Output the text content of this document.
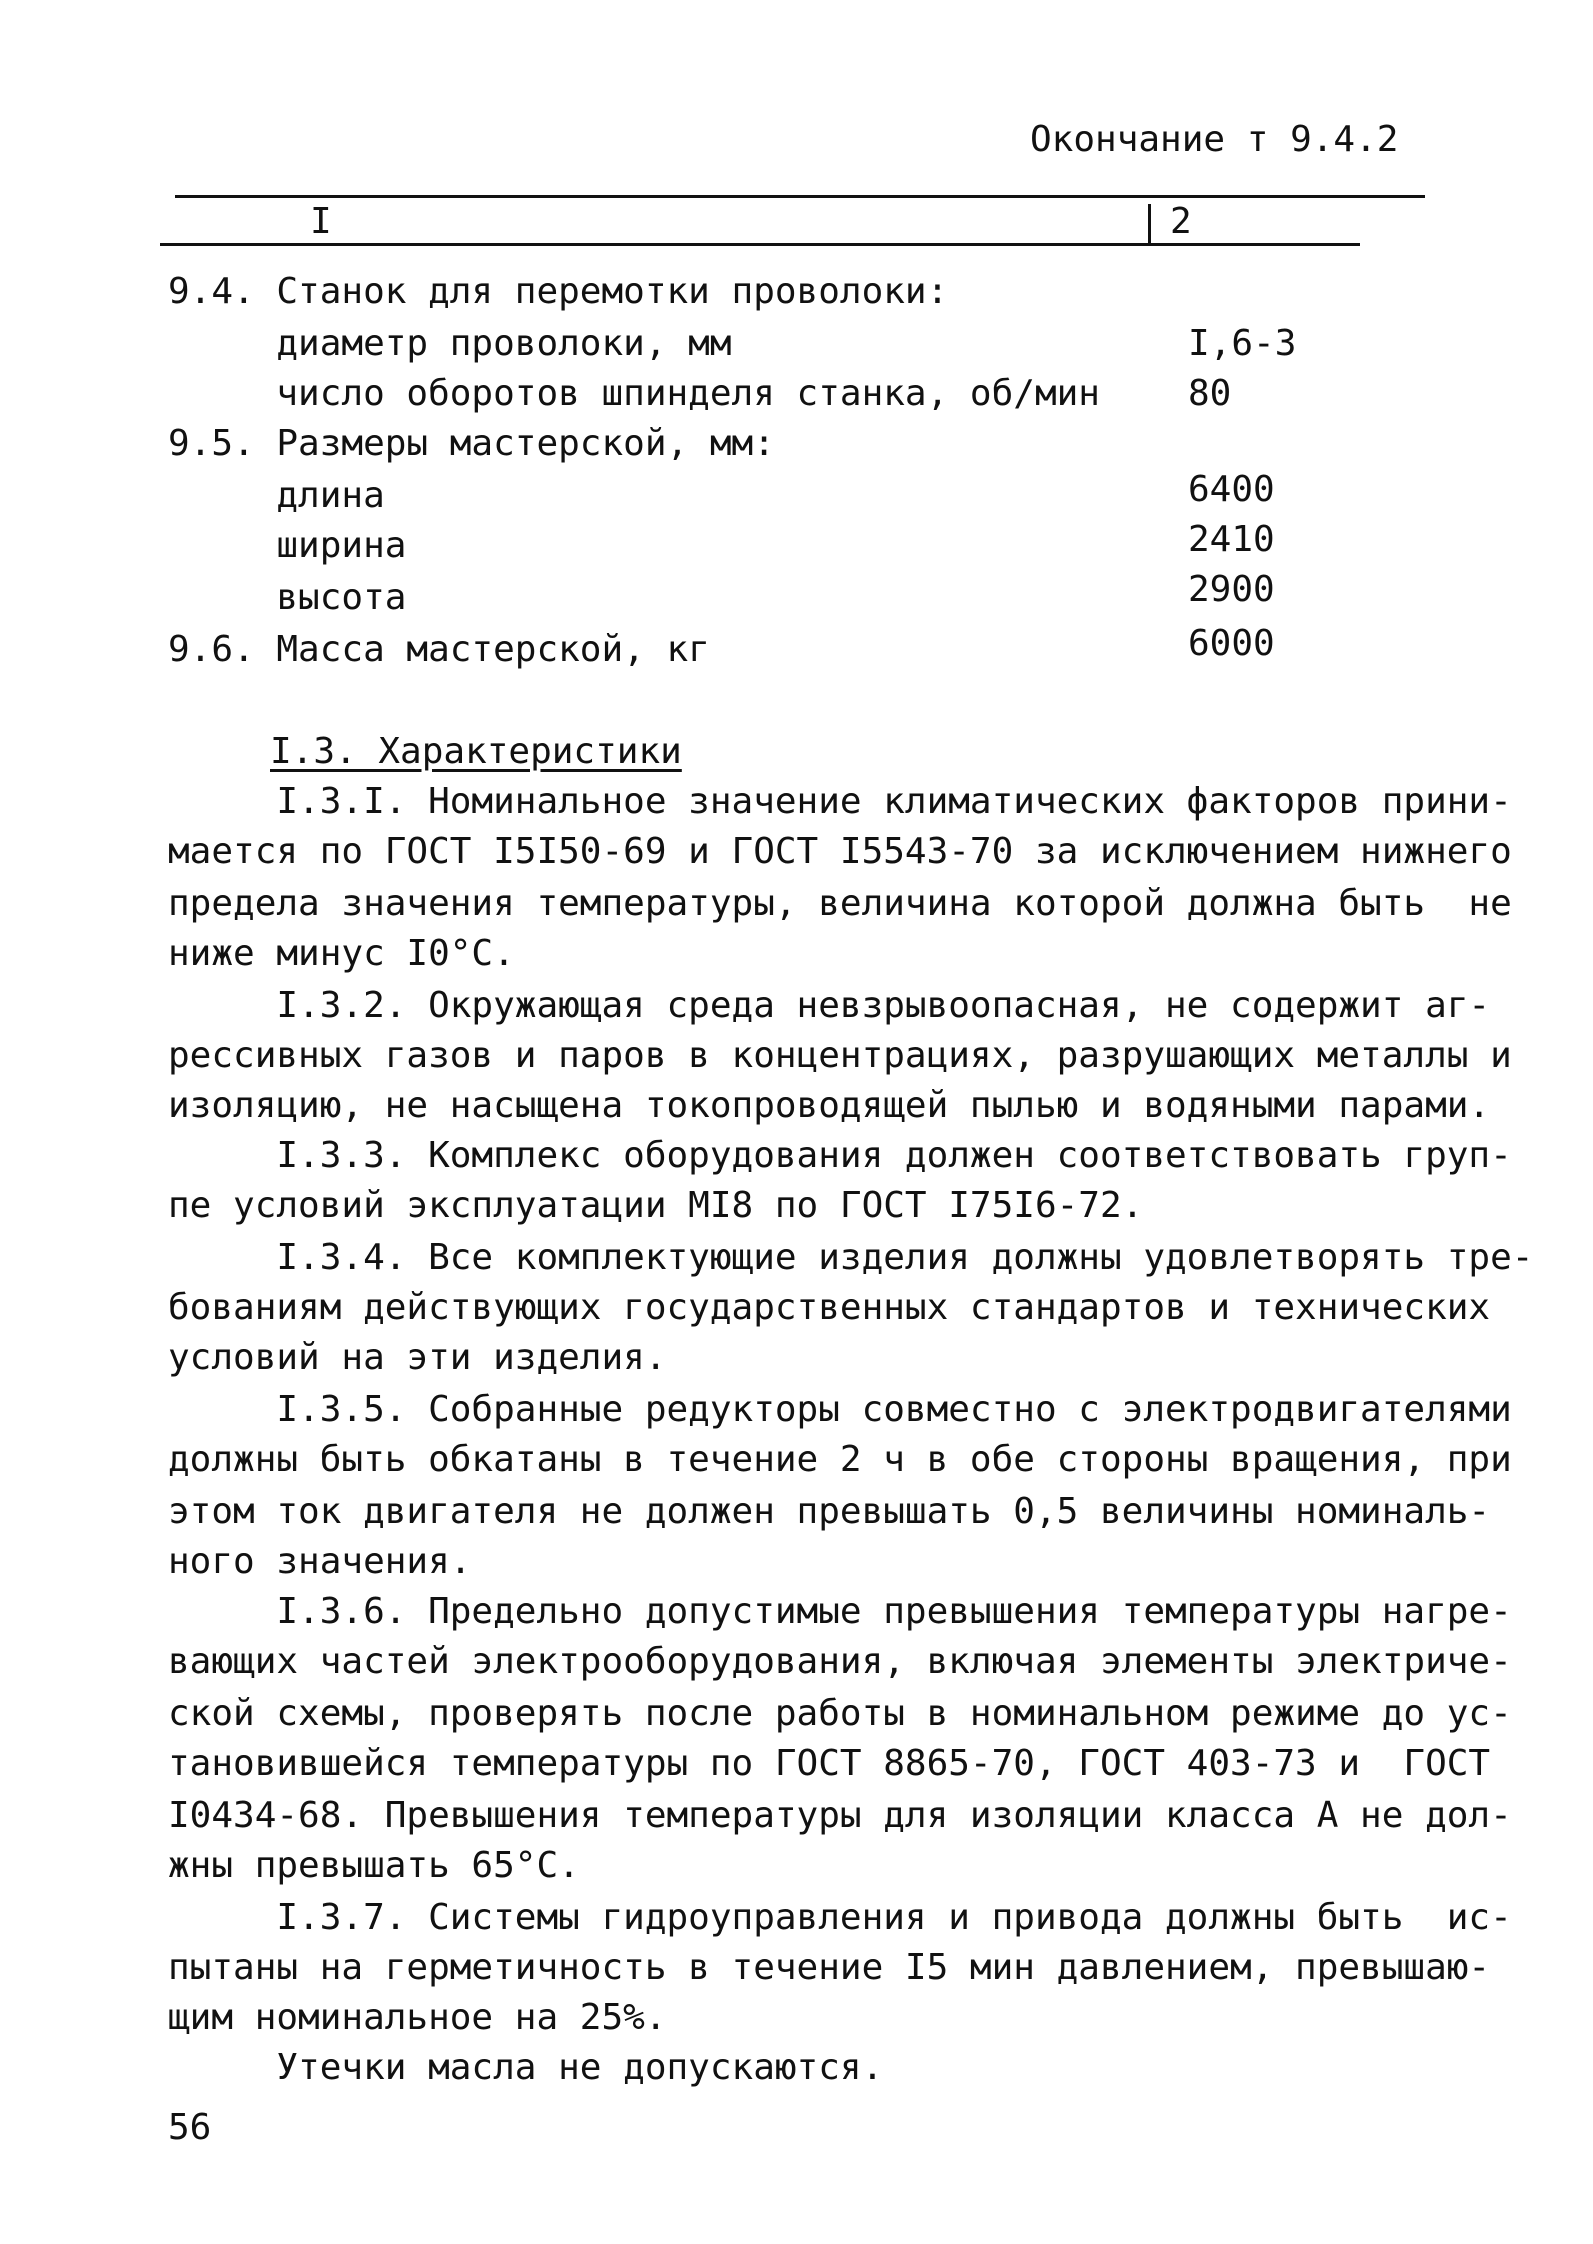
Окончание т 9.4.2
I	2
9.4. Станок для перемотки проволоки:
диаметр проволоки, мм	I,6-3
число оборотов шпинделя станка, об/мин 80
9.5. Размеры мастерской, мм:
длина	6400
ширина	2410
высота	2900
9.6. Масса мастерской, кг	6000
I.3. Характеристики
I.3.I. Номинальное значение климатических факторов прини-
мается по ГОСТ I5I50-69 и ГОСТ I5543-70 за исключением нижнего
предела значения температуры, величина которой должна быть  не
ниже минус I0°C.
I.3.2. Окружающая среда невзрывоопасная, не содержит аг-
рессивных газов и паров в концентрациях, разрушающих металлы и
изоляцию, не насыщена токопроводящей пылью и водяными парами.
I.3.3. Комплекс оборудования должен соответствовать груп-
пе условий эксплуатации МI8 по ГОСТ I75I6-72.
I.3.4. Все комплектующие изделия должны удовлетворять тре-
бованиям действующих государственных стандартов и технических
условий на эти изделия.
I.3.5. Собранные редукторы совместно с электродвигателями
должны быть обкатаны в течение 2 ч в обе стороны вращения, при
этом ток двигателя не должен превышать 0,5 величины номиналь-
ного значения.
I.3.6. Предельно допустимые превышения температуры нагре-
вающих частей электрооборудования, включая элементы электриче-
ской схемы, проверять после работы в номинальном режиме до ус-
тановившейся температуры по ГОСТ 8865-70, ГОСТ 403-73 и  ГОСТ
I0434-68. Превышения температуры для изоляции класса А не дол-
жны превышать 65°C.
I.3.7. Системы гидроуправления и привода должны быть  ис-
пытаны на герметичность в течение I5 мин давлением, превышаю-
щим номинальное на 25%.
Утечки масла не допускаются.
56
